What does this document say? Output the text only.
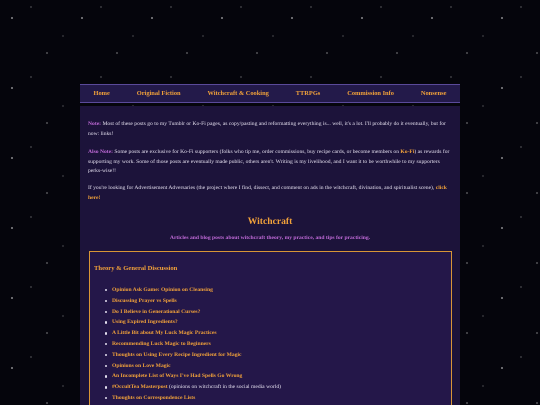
Home	Original Fiction	Witchcraft & Cooking	TTRPGs	Commission Info	Nonsense

Note: Most of these posts go to my Tumblr or Ko-Fi pages, as copy/pasting and reformatting everything is... well, it's a lot. I'll probably do it eventually, but for now: links!

Also Note: Some posts are exclusive for Ko-Fi supporters (folks who tip me, order commissions, buy recipe cards, or become members on Ko-Fi) as rewards for supporting my work. Some of those posts are eventually made public, others aren't. Writing is my livelihood, and I want it to be worthwhile to my supporters perks-wise!!

If you're looking for Advertisement Adversaries (the project where I find, dissect, and comment on ads in the witchcraft, divination, and spiritualist scene), click here!

Witchcraft
Articles and blog posts about witchcraft theory, my practice, and tips for practicing.
Theory & General Discussion
Opinion Ask Game: Opinion on Cleansing
Discussing Prayer vs Spells
Do I Believe in Generational Curses?
Using Expired Ingredients?
A Little Bit about My Luck Magic Practices
Recommending Luck Magic to Beginners
Thoughts on Using Every Recipe Ingredient for Magic
Opinions on Love Magic
An Incomplete List of Ways I've Had Spells Go Wrong
#OccultTea Masterpost (opinions on witchcraft in the social media world)
Thoughts on Correspondence Lists
